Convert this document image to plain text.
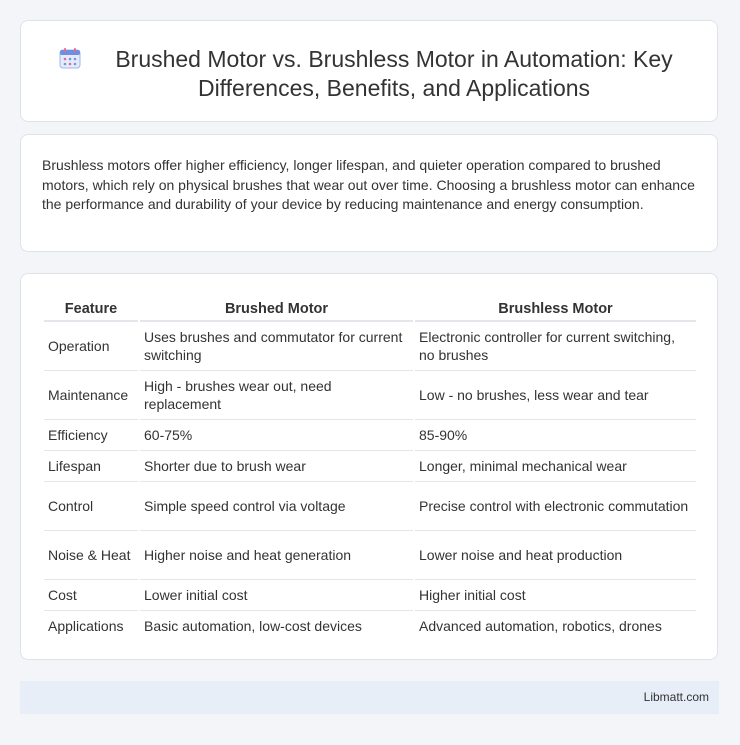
Brushed Motor vs. Brushless Motor in Automation: Key Differences, Benefits, and Applications
Brushless motors offer higher efficiency, longer lifespan, and quieter operation compared to brushed motors, which rely on physical brushes that wear out over time. Choosing a brushless motor can enhance the performance and durability of your device by reducing maintenance and energy consumption.
Feature	Brushed Motor	Brushless Motor
Operation	Uses brushes and commutator for current switching	Electronic controller for current switching, no brushes
Maintenance	High - brushes wear out, need replacement	Low - no brushes, less wear and tear
Efficiency	60-75%	85-90%
Lifespan	Shorter due to brush wear	Longer, minimal mechanical wear
Control	Simple speed control via voltage	Precise control with electronic commutation
Noise & Heat	Higher noise and heat generation	Lower noise and heat production
Cost	Lower initial cost	Higher initial cost
Applications	Basic automation, low-cost devices	Advanced automation, robotics, drones
Libmatt.com
